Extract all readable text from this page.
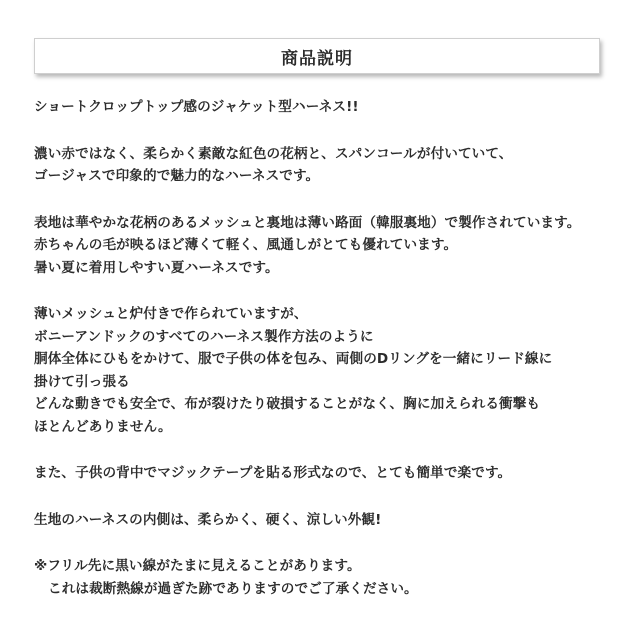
商品説明
ショートクロップトップ感のジャケット型ハーネス!!
濃い赤ではなく、柔らかく素敵な紅色の花柄と、スパンコールが付いていて、
ゴージャスで印象的で魅力的なハーネスです。
表地は華やかな花柄のあるメッシュと裏地は薄い路面（韓服裏地）で製作されています。
赤ちゃんの毛が映るほど薄くて軽く、風通しがとても優れています。
暑い夏に着用しやすい夏ハーネスです。
薄いメッシュと炉付きで作られていますが、
ボニーアンドックのすべてのハーネス製作方法のように
胴体全体にひもをかけて、服で子供の体を包み、両側のDリングを一緒にリード線に
掛けて引っ張る
どんな動きでも安全で、布が裂けたり破損することがなく、胸に加えられる衝撃も
ほとんどありません。
また、子供の背中でマジックテープを貼る形式なので、とても簡単で楽です。
生地のハーネスの内側は、柔らかく、硬く、涼しい外観!
※フリル先に黒い線がたまに見えることがあります。
これは裁断熱線が過ぎた跡でありますのでご了承ください。
